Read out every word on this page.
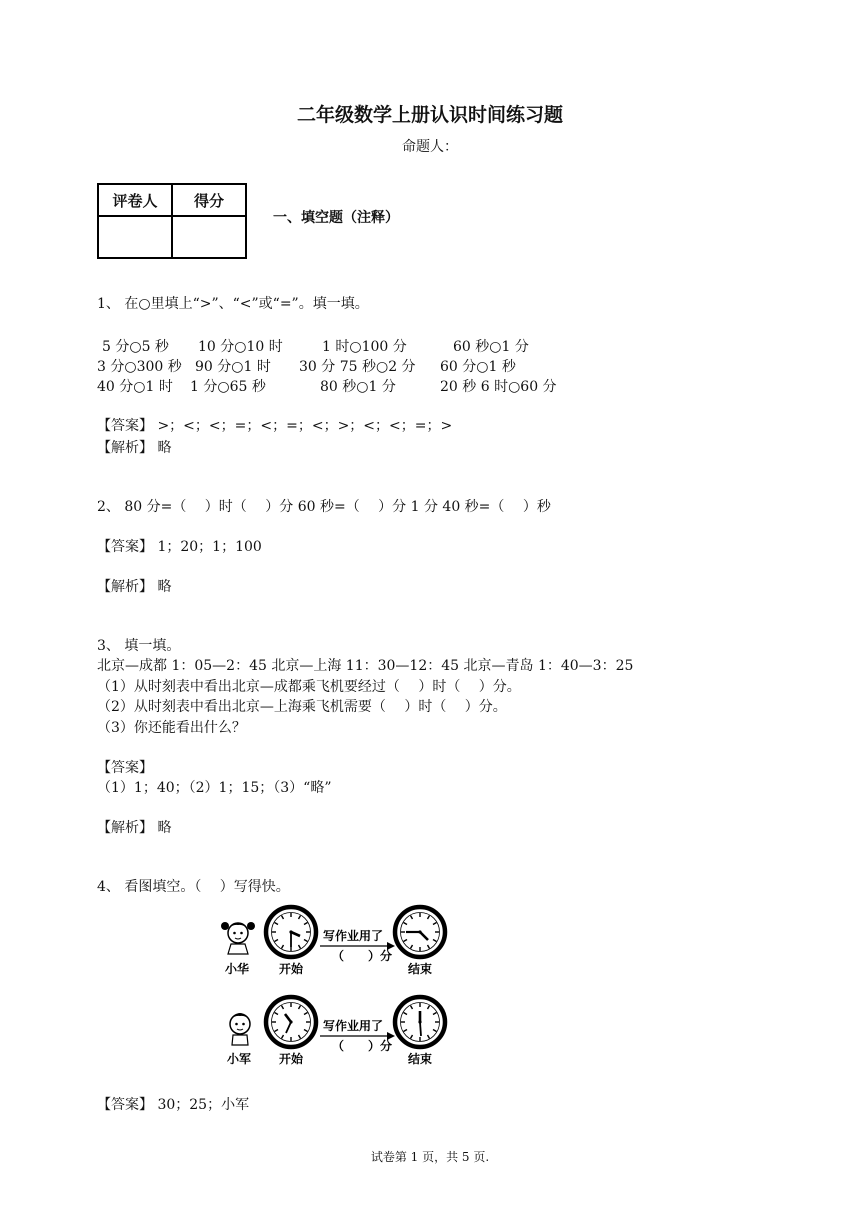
二年级数学上册认识时间练习题
命题人：
评卷人	得分

一、填空题（注释）
1、 在○里填上“>”、“<”或“=”。填一填。
5 分○5 秒 10 分○10 时	1 时○100 分	60 秒○1 分
3 分○300 秒 90 分○1 时 30 分 75 秒○2 分 60 分○1 秒
40 分○1 时 1 分○65 秒	80 秒○1 分	20 秒 6 时○60 分
【答案】 >；<；<；=；<；=；<；>；<；<；=；>
【解析】 略
2、 80 分=（　 ）时（　 ）分 60 秒=（　 ）分 1 分 40 秒=（　 ）秒
【答案】 1；20；1；100
【解析】 略
3、 填一填。
北京—成都 1：05—2：45 北京—上海 11：30—12：45 北京—青岛 1：40—3：25
（1）从时刻表中看出北京—成都乘飞机要经过（　 ）时（　 ）分。
（2）从时刻表中看出北京—上海乘飞机需要（　 ）时（　 ）分。
（3）你还能看出什么？
【答案】
（1）1；40；（2）1；15；（3）“略”
【解析】 略
4、 看图填空。（　 ）写得快。
小华 开始
写作业用了
（　　）分
结束
小军 开始
写作业用了
（　　）分
结束
【答案】 30；25；小军
试卷第 1 页，共 5 页.
